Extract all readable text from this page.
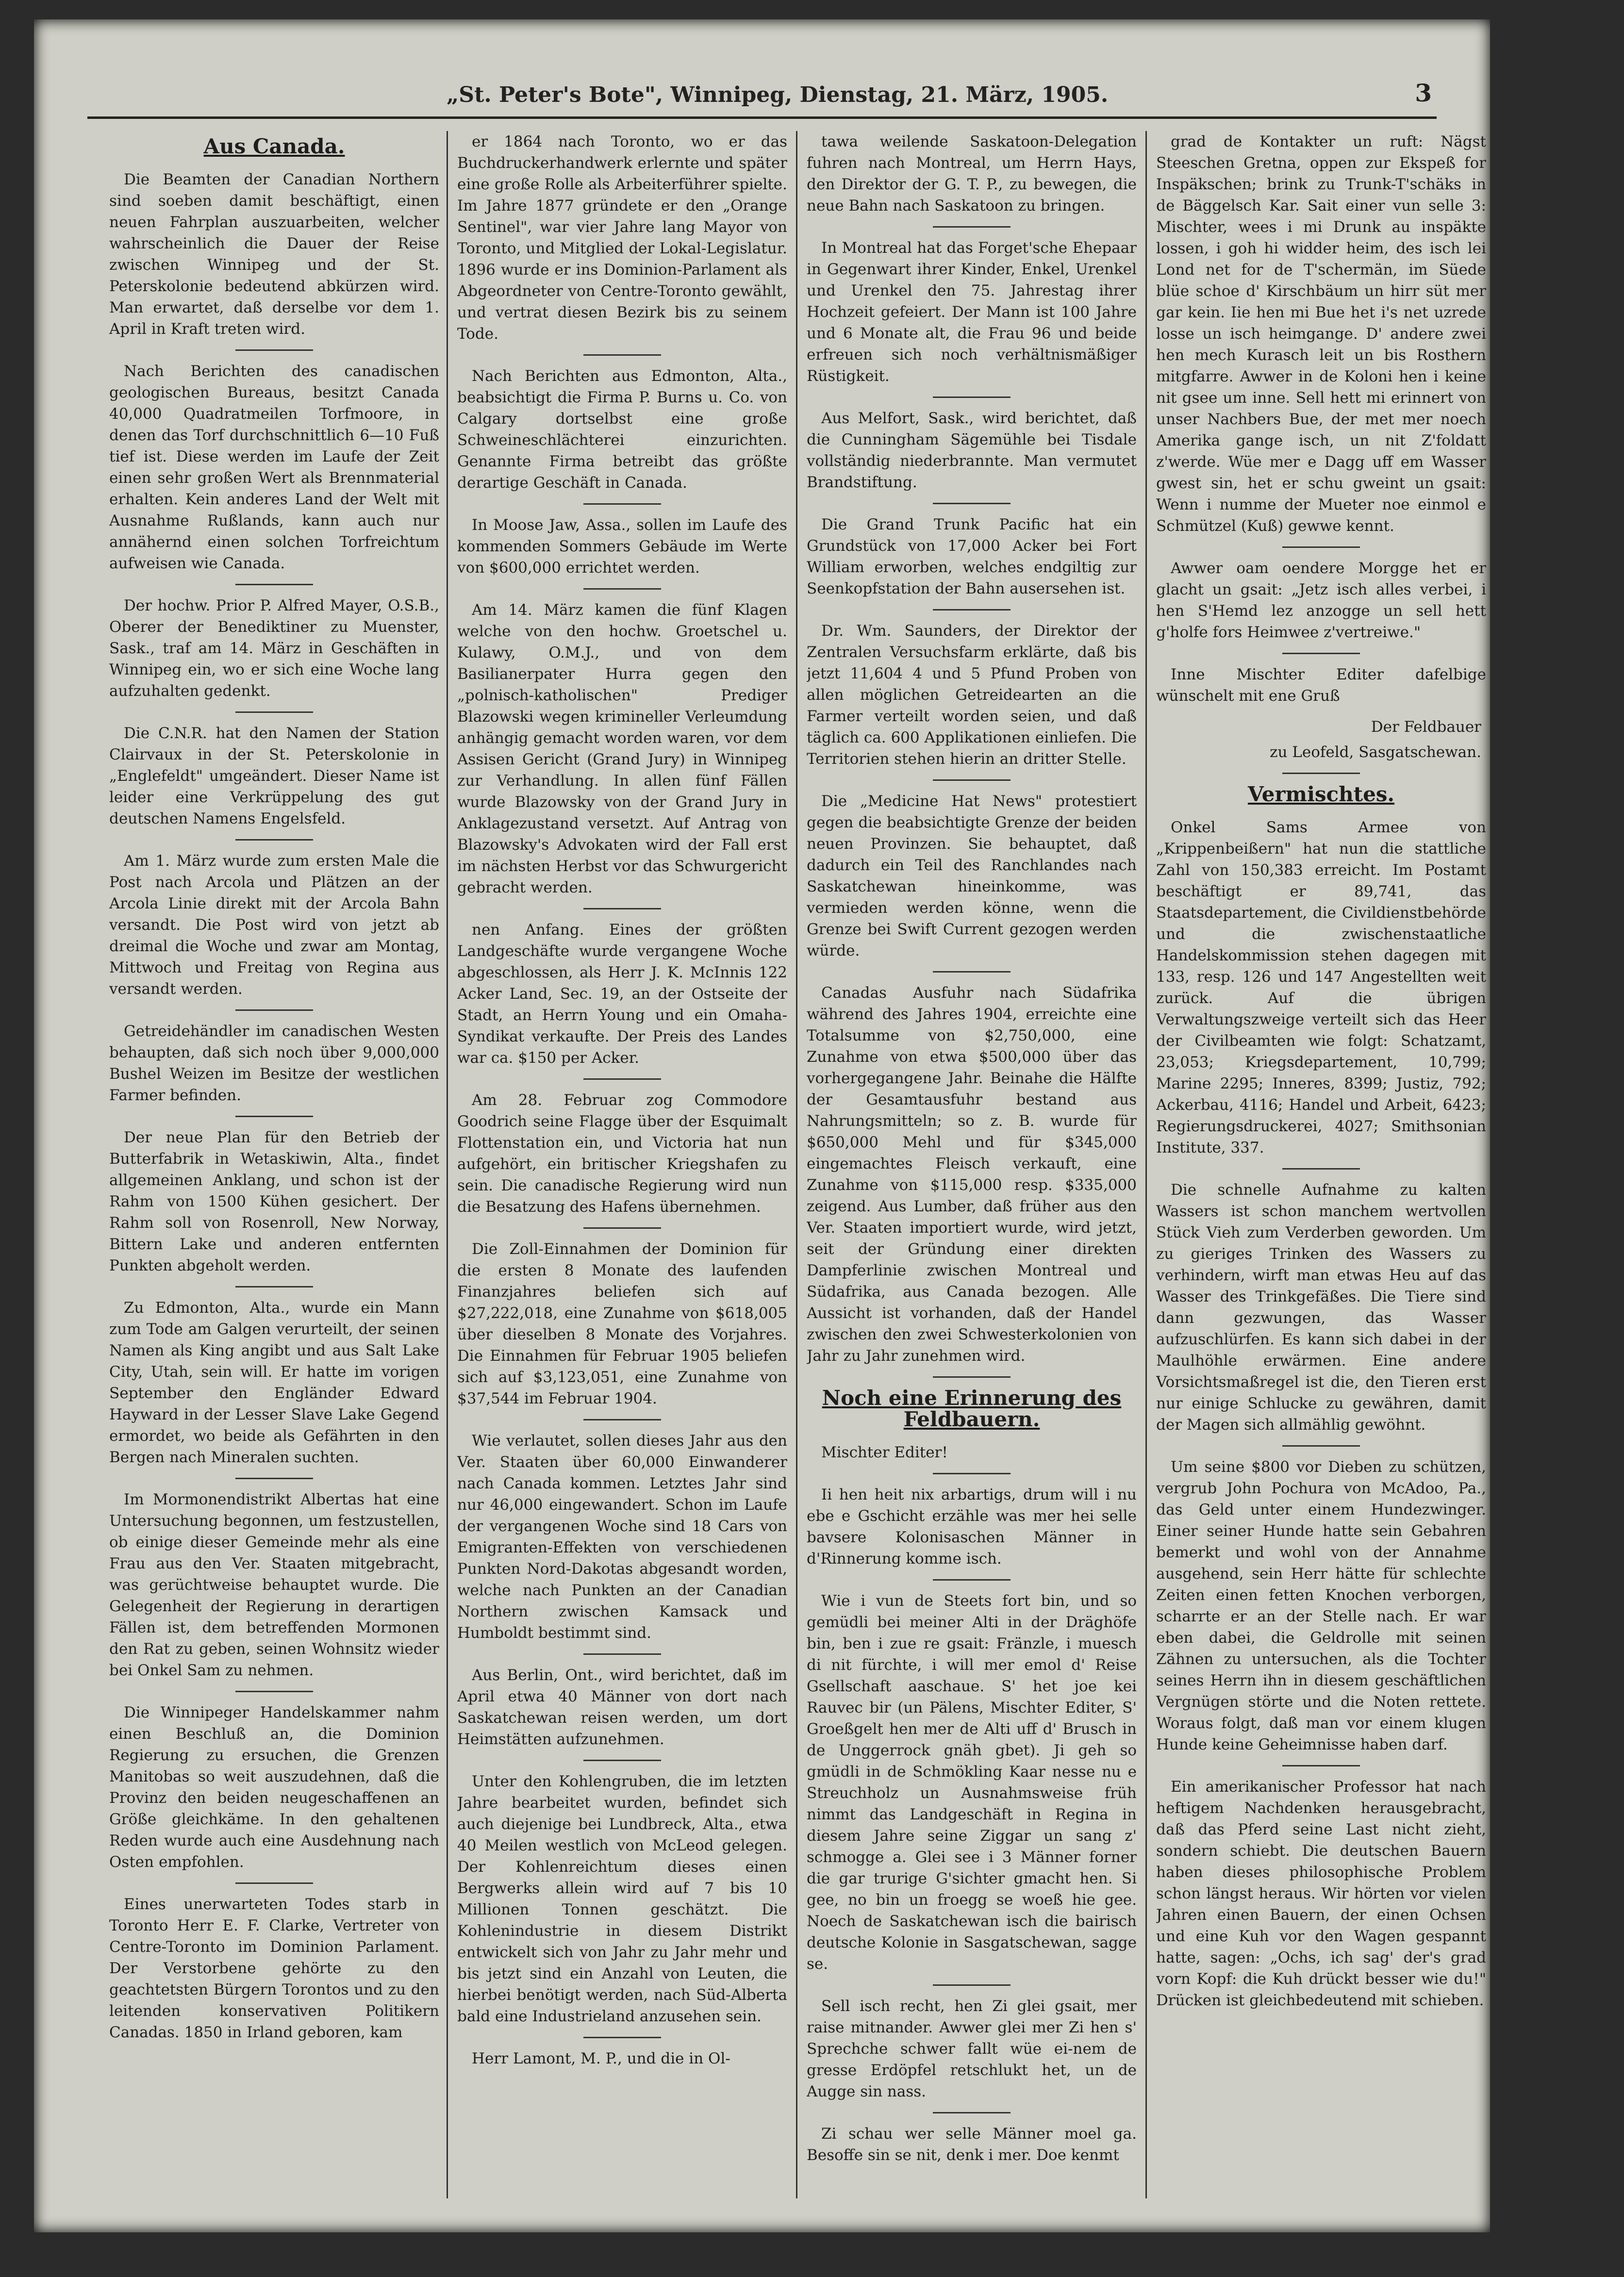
„St. Peter's Bote", Winnipeg, Dienstag, 21. März, 1905.	3
Aus Canada.

Die Beamten der Canadian Northern sind soeben damit beschäftigt, einen neuen Fahrplan auszuarbeiten, welcher wahrscheinlich die Dauer der Reise zwischen Winnipeg und der St. Peterskolonie bedeutend abkürzen wird. Man erwartet, daß derselbe vor dem 1. April in Kraft treten wird.

Nach Berichten des canadischen geologischen Bureaus, besitzt Canada 40,000 Quadratmeilen Torfmoore, in denen das Torf durchschnittlich 6—10 Fuß tief ist. Diese werden im Laufe der Zeit einen sehr großen Wert als Brennmaterial erhalten. Kein anderes Land der Welt mit Ausnahme Rußlands, kann auch nur annähernd einen solchen Torfreichtum aufweisen wie Canada.

Der hochw. Prior P. Alfred Mayer, O.S.B., Oberer der Benediktiner zu Muenster, Sask., traf am 14. März in Geschäften in Winnipeg ein, wo er sich eine Woche lang aufzuhalten gedenkt.

Die C.N.R. hat den Namen der Station Clairvaux in der St. Peterskolonie in „Englefeldt" umgeändert. Dieser Name ist leider eine Verkrüppelung des gut deutschen Namens Engelsfeld.

Am 1. März wurde zum ersten Male die Post nach Arcola und Plätzen an der Arcola Linie direkt mit der Arcola Bahn versandt. Die Post wird von jetzt ab dreimal die Woche und zwar am Montag, Mittwoch und Freitag von Regina aus versandt werden.

Getreidehändler im canadischen Westen behaupten, daß sich noch über 9,000,000 Bushel Weizen im Besitze der westlichen Farmer befinden.

Der neue Plan für den Betrieb der Butterfabrik in Wetaskiwin, Alta., findet allgemeinen Anklang, und schon ist der Rahm von 1500 Kühen gesichert. Der Rahm soll von Rosenroll, New Norway, Bittern Lake und anderen entfernten Punkten abgeholt werden.

Zu Edmonton, Alta., wurde ein Mann zum Tode am Galgen verurteilt, der seinen Namen als King angibt und aus Salt Lake City, Utah, sein will. Er hatte im vorigen September den Engländer Edward Hayward in der Lesser Slave Lake Gegend ermordet, wo beide als Gefährten in den Bergen nach Mineralen suchten.

Im Mormonendistrikt Albertas hat eine Untersuchung begonnen, um festzustellen, ob einige dieser Gemeinde mehr als eine Frau aus den Ver. Staaten mitgebracht, was gerüchtweise behauptet wurde. Die Gelegenheit der Regierung in derartigen Fällen ist, dem betreffenden Mormonen den Rat zu geben, seinen Wohnsitz wieder bei Onkel Sam zu nehmen.

Die Winnipeger Handelskammer nahm einen Beschluß an, die Dominion Regierung zu ersuchen, die Grenzen Manitobas so weit auszudehnen, daß die Provinz den beiden neugeschaffenen an Größe gleichkäme. In den gehaltenen Reden wurde auch eine Ausdehnung nach Osten empfohlen.

Eines unerwarteten Todes starb in Toronto Herr E. F. Clarke, Vertreter von Centre-Toronto im Dominion Parlament. Der Verstorbene gehörte zu den geachtetsten Bürgern Torontos und zu den leitenden konservativen Politikern Canadas. 1850 in Irland geboren, kam

er 1864 nach Toronto, wo er das Buchdruckerhandwerk erlernte und später eine große Rolle als Arbeiterführer spielte. Im Jahre 1877 gründete er den „Orange Sentinel", war vier Jahre lang Mayor von Toronto, und Mitglied der Lokal-Legislatur. 1896 wurde er ins Dominion-Parlament als Abgeordneter von Centre-Toronto gewählt, und vertrat diesen Bezirk bis zu seinem Tode.

Nach Berichten aus Edmonton, Alta., beabsichtigt die Firma P. Burns u. Co. von Calgary dortselbst eine große Schweineschlächterei einzurichten. Genannte Firma betreibt das größte derartige Geschäft in Canada.

In Moose Jaw, Assa., sollen im Laufe des kommenden Sommers Gebäude im Werte von $600,000 errichtet werden.

Am 14. März kamen die fünf Klagen welche von den hochw. Groetschel u. Kulawy, O.M.J., und von dem Basilianerpater Hurra gegen den „polnisch-katholischen" Prediger Blazowski wegen krimineller Verleumdung anhängig gemacht worden waren, vor dem Assisen Gericht (Grand Jury) in Winnipeg zur Verhandlung. In allen fünf Fällen wurde Blazowsky von der Grand Jury in Anklagezustand versetzt. Auf Antrag von Blazowsky's Advokaten wird der Fall erst im nächsten Herbst vor das Schwurgericht gebracht werden.

nen Anfang. Eines der größten Landgeschäfte wurde vergangene Woche abgeschlossen, als Herr J. K. McInnis 122 Acker Land, Sec. 19, an der Ostseite der Stadt, an Herrn Young und ein Omaha-Syndikat verkaufte. Der Preis des Landes war ca. $150 per Acker.

Am 28. Februar zog Commodore Goodrich seine Flagge über der Esquimalt Flottenstation ein, und Victoria hat nun aufgehört, ein britischer Kriegshafen zu sein. Die canadische Regierung wird nun die Besatzung des Hafens übernehmen.

Die Zoll-Einnahmen der Dominion für die ersten 8 Monate des laufenden Finanzjahres beliefen sich auf $27,222,018, eine Zunahme von $618,005 über dieselben 8 Monate des Vorjahres. Die Einnahmen für Februar 1905 beliefen sich auf $3,123,051, eine Zunahme von $37,544 im Februar 1904.

Wie verlautet, sollen dieses Jahr aus den Ver. Staaten über 60,000 Einwanderer nach Canada kommen. Letztes Jahr sind nur 46,000 eingewandert. Schon im Laufe der vergangenen Woche sind 18 Cars von Emigranten-Effekten von verschiedenen Punkten Nord-Dakotas abgesandt worden, welche nach Punkten an der Canadian Northern zwischen Kamsack und Humboldt bestimmt sind.

Aus Berlin, Ont., wird berichtet, daß im April etwa 40 Männer von dort nach Saskatchewan reisen werden, um dort Heimstätten aufzunehmen.

Unter den Kohlengruben, die im letzten Jahre bearbeitet wurden, befindet sich auch diejenige bei Lundbreck, Alta., etwa 40 Meilen westlich von McLeod gelegen. Der Kohlenreichtum dieses einen Bergwerks allein wird auf 7 bis 10 Millionen Tonnen geschätzt. Die Kohlenindustrie in diesem Distrikt entwickelt sich von Jahr zu Jahr mehr und bis jetzt sind ein Anzahl von Leuten, die hierbei benötigt werden, nach Süd-Alberta bald eine Industrieland anzusehen sein.

Herr Lamont, M. P., und die in Ol-

tawa weilende Saskatoon-Delegation fuhren nach Montreal, um Herrn Hays, den Direktor der G. T. P., zu bewegen, die neue Bahn nach Saskatoon zu bringen.

In Montreal hat das Forget'sche Ehepaar in Gegenwart ihrer Kinder, Enkel, Urenkel und Urenkel den 75. Jahrestag ihrer Hochzeit gefeiert. Der Mann ist 100 Jahre und 6 Monate alt, die Frau 96 und beide erfreuen sich noch verhältnismäßiger Rüstigkeit.

Aus Melfort, Sask., wird berichtet, daß die Cunningham Sägemühle bei Tisdale vollständig niederbrannte. Man vermutet Brandstiftung.

Die Grand Trunk Pacific hat ein Grundstück von 17,000 Acker bei Fort William erworben, welches endgiltig zur Seenkopfstation der Bahn ausersehen ist.

Dr. Wm. Saunders, der Direktor der Zentralen Versuchsfarm erklärte, daß bis jetzt 11,604 4 und 5 Pfund Proben von allen möglichen Getreidearten an die Farmer verteilt worden seien, und daß täglich ca. 600 Applikationen einliefen. Die Territorien stehen hierin an dritter Stelle.

Die „Medicine Hat News" protestiert gegen die beabsichtigte Grenze der beiden neuen Provinzen. Sie behauptet, daß dadurch ein Teil des Ranchlandes nach Saskatchewan hineinkomme, was vermieden werden könne, wenn die Grenze bei Swift Current gezogen werden würde.

Canadas Ausfuhr nach Südafrika während des Jahres 1904, erreichte eine Totalsumme von $2,750,000, eine Zunahme von etwa $500,000 über das vorhergegangene Jahr. Beinahe die Hälfte der Gesamtausfuhr bestand aus Nahrungsmitteln; so z. B. wurde für $650,000 Mehl und für $345,000 eingemachtes Fleisch verkauft, eine Zunahme von $115,000 resp. $335,000 zeigend. Aus Lumber, daß früher aus den Ver. Staaten importiert wurde, wird jetzt, seit der Gründung einer direkten Dampferlinie zwischen Montreal und Südafrika, aus Canada bezogen. Alle Aussicht ist vorhanden, daß der Handel zwischen den zwei Schwesterkolonien von Jahr zu Jahr zunehmen wird.

Noch eine Erinnerung des Feldbauern.

Mischter Editer!

Ii hen heit nix arbartigs, drum will i nu ebe e Gschicht erzähle was mer hei selle bavsere Kolonisaschen Männer in d'Rinnerung komme isch.

Wie i vun de Steets fort bin, und so gemüdli bei meiner Alti in der Dräghöfe bin, ben i zue re gsait: Fränzle, i muesch di nit fürchte, i will mer emol d' Reise Gsellschaft aaschaue. S' het joe kei Rauvec bir (un Pälens, Mischter Editer, S' Groeßgelt hen mer de Alti uff d' Brusch in de Unggerrock gnäh gbet). Ji geh so gmüdli in de Schmökling Kaar nesse nu e Streuchholz un Ausnahmsweise früh nimmt das Landgeschäft in Regina in diesem Jahre seine Ziggar un sang z' schmogge a. Glei see i 3 Männer forner die gar trurige G'sichter gmacht hen. Si gee, no bin un froegg se woeß hie gee. Noech de Saskatchewan isch die bairisch deutsche Kolonie in Sasgatschewan, sagge se.

Sell isch recht, hen Zi glei gsait, mer raise mitnander. Awwer glei mer Zi hen s' Sprechche schwer fallt wüe ei-nem de gresse Erdöpfel retschlukt het, un de Augge sin nass.

Zi schau wer selle Männer moel ga. Besoffe sin se nit, denk i mer. Doe kenmt

grad de Kontakter un ruft: Nägst Steeschen Gretna, oppen zur Ekspeß for Inspäkschen; brink zu Trunk-T'schäks in de Bäggelsch Kar. Sait einer vun selle 3: Mischter, wees i mi Drunk au inspäkte lossen, i goh hi widder heim, des isch lei Lond net for de T'schermän, im Süede blüe schoe d' Kirschbäum un hirr süt mer gar kein. Iie hen mi Bue het i's net uzrede losse un isch heimgange. D' andere zwei hen mech Kurasch leit un bis Rosthern mitgfarre. Awwer in de Koloni hen i keine nit gsee um inne. Sell hett mi erinnert von unser Nachbers Bue, der met mer noech Amerika gange isch, un nit Z'foldatt z'werde. Wüe mer e Dagg uff em Wasser gwest sin, het er schu gweint un gsait: Wenn i numme der Mueter noe einmol e Schmützel (Kuß) gewwe kennt.

Awwer oam oendere Morgge het er glacht un gsait: „Jetz isch alles verbei, i hen S'Hemd lez anzogge un sell hett g'holfe fors Heimwee z'vertreiwe."

Inne Mischter Editer dafelbige wünschelt mit ene Gruß

Der Feldbauer
zu Leofeld, Sasgatschewan.
Vermischtes.

Onkel Sams Armee von „Krippenbeißern" hat nun die stattliche Zahl von 150,383 erreicht. Im Postamt beschäftigt er 89,741, das Staatsdepartement, die Civildienstbehörde und die zwischenstaatliche Handelskommission stehen dagegen mit 133, resp. 126 und 147 Angestellten weit zurück. Auf die übrigen Verwaltungszweige verteilt sich das Heer der Civilbeamten wie folgt: Schatzamt, 23,053; Kriegsdepartement, 10,799; Marine 2295; Inneres, 8399; Justiz, 792; Ackerbau, 4116; Handel und Arbeit, 6423; Regierungsdruckerei, 4027; Smithsonian Institute, 337.

Die schnelle Aufnahme zu kalten Wassers ist schon manchem wertvollen Stück Vieh zum Verderben geworden. Um zu gieriges Trinken des Wassers zu verhindern, wirft man etwas Heu auf das Wasser des Trinkgefäßes. Die Tiere sind dann gezwungen, das Wasser aufzuschlürfen. Es kann sich dabei in der Maulhöhle erwärmen. Eine andere Vorsichtsmaßregel ist die, den Tieren erst nur einige Schlucke zu gewähren, damit der Magen sich allmählig gewöhnt.

Um seine $800 vor Dieben zu schützen, vergrub John Pochura von McAdoo, Pa., das Geld unter einem Hundezwinger. Einer seiner Hunde hatte sein Gebahren bemerkt und wohl von der Annahme ausgehend, sein Herr hätte für schlechte Zeiten einen fetten Knochen verborgen, scharrte er an der Stelle nach. Er war eben dabei, die Geldrolle mit seinen Zähnen zu untersuchen, als die Tochter seines Herrn ihn in diesem geschäftlichen Vergnügen störte und die Noten rettete. Woraus folgt, daß man vor einem klugen Hunde keine Geheimnisse haben darf.

Ein amerikanischer Professor hat nach heftigem Nachdenken herausgebracht, daß das Pferd seine Last nicht zieht, sondern schiebt. Die deutschen Bauern haben dieses philosophische Problem schon längst heraus. Wir hörten vor vielen Jahren einen Bauern, der einen Ochsen und eine Kuh vor den Wagen gespannt hatte, sagen: „Ochs, ich sag' der's grad vorn Kopf: die Kuh drückt besser wie du!" Drücken ist gleichbedeutend mit schieben.
